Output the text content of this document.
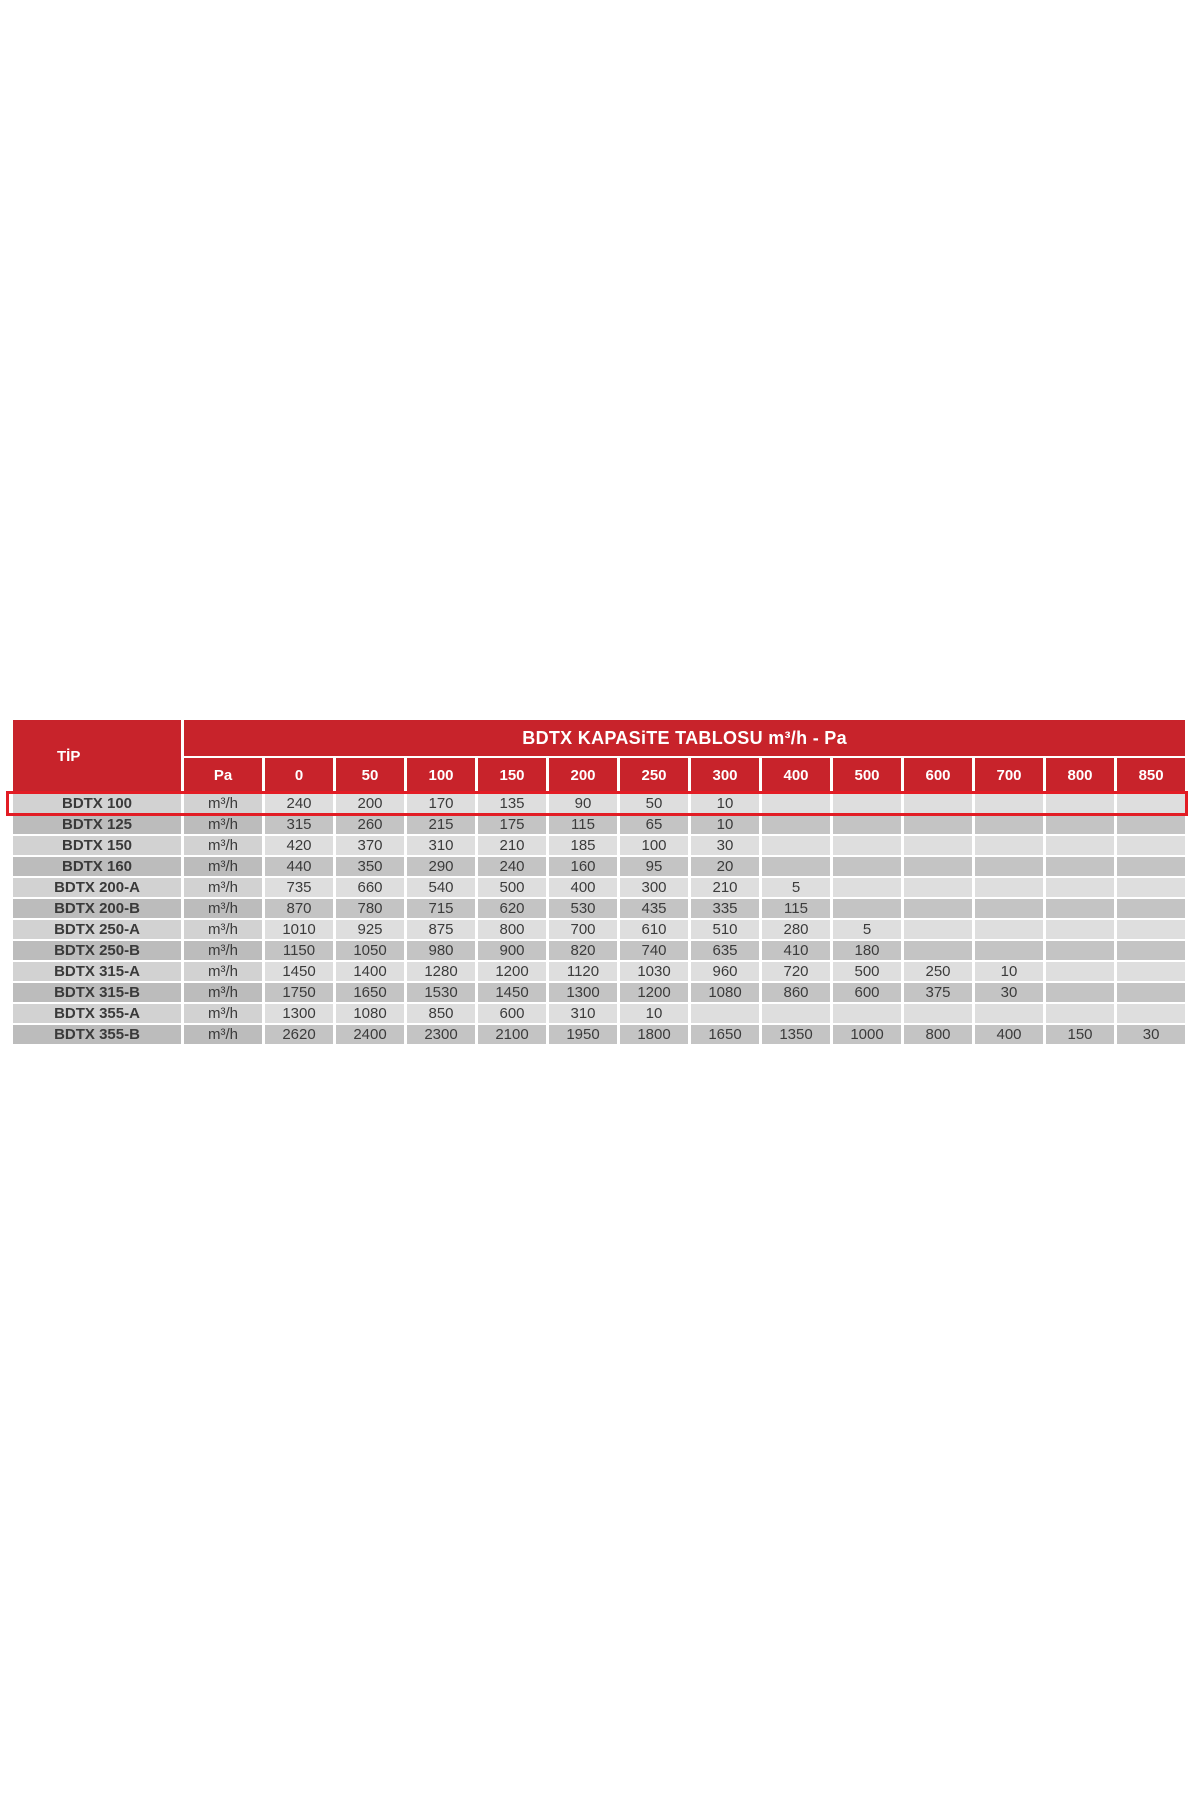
TİP	BDTX KAPASiTE TABLOSU m³/h - Pa													
	Pa	0	50	100	150	200	250	300	400	500	600	700	800	850
BDTX 100	m³/h	240	200	170	135	90	50	10						
BDTX 125	m³/h	315	260	215	175	115	65	10						
BDTX 150	m³/h	420	370	310	210	185	100	30						
BDTX 160	m³/h	440	350	290	240	160	95	20						
BDTX 200-A	m³/h	735	660	540	500	400	300	210	5					
BDTX 200-B	m³/h	870	780	715	620	530	435	335	115					
BDTX 250-A	m³/h	1010	925	875	800	700	610	510	280	5				
BDTX 250-B	m³/h	1150	1050	980	900	820	740	635	410	180				
BDTX 315-A	m³/h	1450	1400	1280	1200	1120	1030	960	720	500	250	10		
BDTX 315-B	m³/h	1750	1650	1530	1450	1300	1200	1080	860	600	375	30		
BDTX 355-A	m³/h	1300	1080	850	600	310	10							
BDTX 355-B	m³/h	2620	2400	2300	2100	1950	1800	1650	1350	1000	800	400	150	30
